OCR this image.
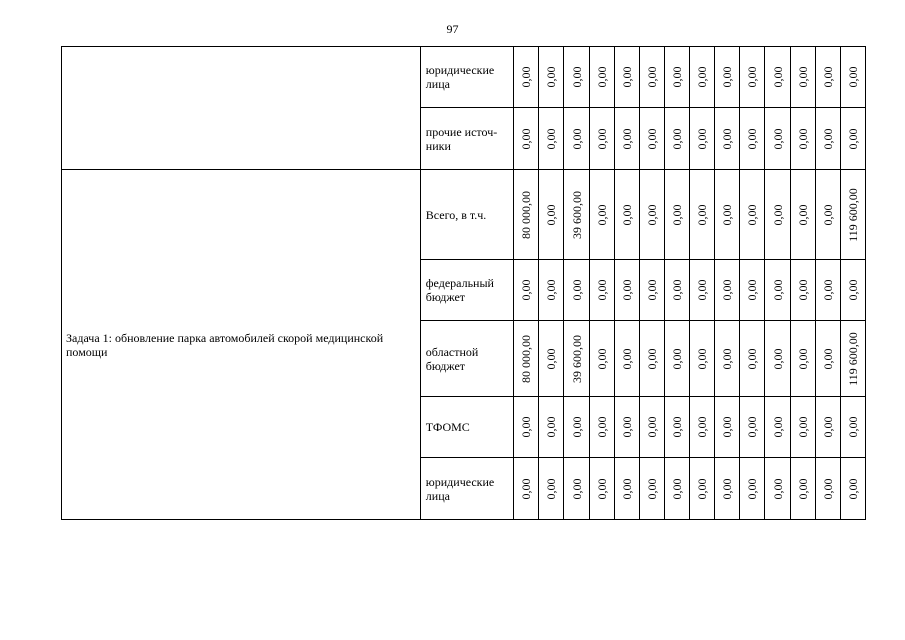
97
	юридические лица	0,00	0,00	0,00	0,00	0,00	0,00	0,00	0,00	0,00	0,00	0,00	0,00	0,00	0,00

	прочие источ-ники	0,00	0,00	0,00	0,00	0,00	0,00	0,00	0,00	0,00	0,00	0,00	0,00	0,00	0,00

Задача 1: обновление парка автомобилей скорой медицинской помощи	Всего, в т.ч.	80 000,00	0,00	39 600,00	0,00	0,00	0,00	0,00	0,00	0,00	0,00	0,00	0,00	0,00	119 600,00

	федеральный бюджет	0,00	0,00	0,00	0,00	0,00	0,00	0,00	0,00	0,00	0,00	0,00	0,00	0,00	0,00

	областной бюджет	80 000,00	0,00	39 600,00	0,00	0,00	0,00	0,00	0,00	0,00	0,00	0,00	0,00	0,00	119 600,00

	ТФОМС	0,00	0,00	0,00	0,00	0,00	0,00	0,00	0,00	0,00	0,00	0,00	0,00	0,00	0,00

	юридические лица	0,00	0,00	0,00	0,00	0,00	0,00	0,00	0,00	0,00	0,00	0,00	0,00	0,00	0,00
